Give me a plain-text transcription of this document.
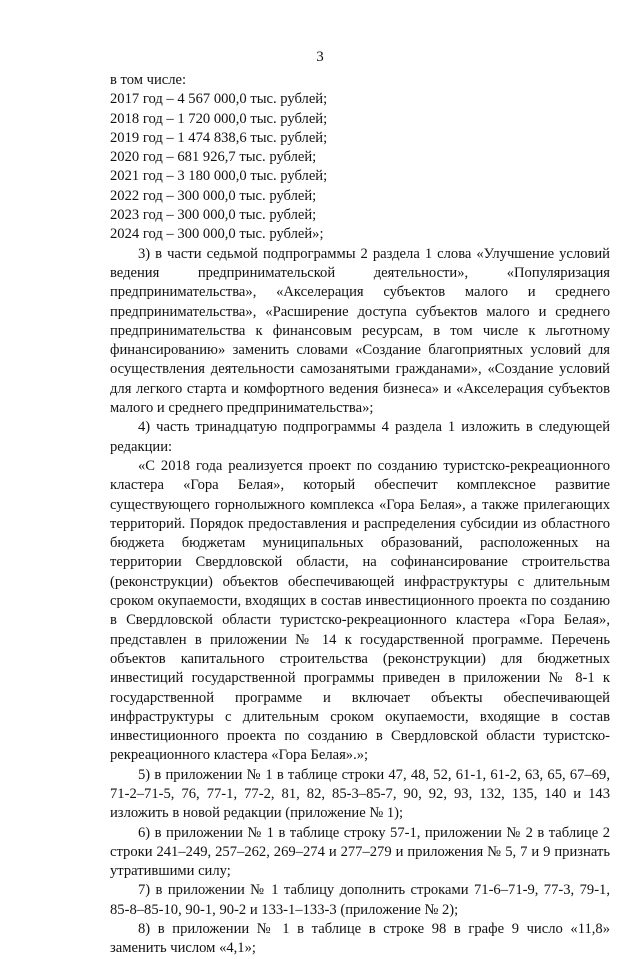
3

в том числе:

2017 год – 4 567 000,0 тыс. рублей;

2018 год – 1 720 000,0 тыс. рублей;

2019 год – 1 474 838,6 тыс. рублей;

2020 год – 681 926,7 тыс. рублей;

2021 год – 3 180 000,0 тыс. рублей;

2022 год – 300 000,0 тыс. рублей;

2023 год – 300 000,0 тыс. рублей;

2024 год – 300 000,0 тыс. рублей»;

3) в части седьмой подпрограммы 2 раздела 1 слова «Улучшение условий ведения предпринимательской деятельности», «Популяризация предпринимательства», «Акселерация субъектов малого и среднего предпринимательства», «Расширение доступа субъектов малого и среднего предпринимательства к финансовым ресурсам, в том числе к льготному финансированию» заменить словами «Создание благоприятных условий для осуществления деятельности самозанятыми гражданами», «Создание условий для легкого старта и комфортного ведения бизнеса» и «Акселерация субъектов малого и среднего предпринимательства»;

4) часть тринадцатую подпрограммы 4 раздела 1 изложить в следующей редакции:

«С 2018 года реализуется проект по созданию туристско-рекреационного кластера «Гора Белая», который обеспечит комплексное развитие существующего горнолыжного комплекса «Гора Белая», а также прилегающих территорий. Порядок предоставления и распределения субсидии из областного бюджета бюджетам муниципальных образований, расположенных на территории Свердловской области, на софинансирование строительства (реконструкции) объектов обеспечивающей инфраструктуры с длительным сроком окупаемости, входящих в состав инвестиционного проекта по созданию в Свердловской области туристско-рекреационного кластера «Гора Белая», представлен в приложении № 14 к государственной программе. Перечень объектов капитального строительства (реконструкции) для бюджетных инвестиций государственной программы приведен в приложении № 8-1 к государственной программе и включает объекты обеспечивающей инфраструктуры с длительным сроком окупаемости, входящие в состав инвестиционного проекта по созданию в Свердловской области туристско-рекреационного кластера «Гора Белая».»;

5) в приложении № 1 в таблице строки 47, 48, 52, 61-1, 61-2, 63, 65, 67–69, 71-2–71-5, 76, 77-1, 77-2, 81, 82, 85-3–85-7, 90, 92, 93, 132, 135, 140 и 143 изложить в новой редакции (приложение № 1);

6) в приложении № 1 в таблице строку 57-1, приложении № 2 в таблице 2 строки 241–249, 257–262, 269–274 и 277–279 и приложения № 5, 7 и 9 признать утратившими силу;

7) в приложении № 1 таблицу дополнить строками 71-6–71-9, 77-3, 79-1, 85-8–85-10, 90-1, 90-2 и 133-1–133-3 (приложение № 2);

8) в приложении № 1 в таблице в строке 98 в графе 9 число «11,8» заменить числом «4,1»;
